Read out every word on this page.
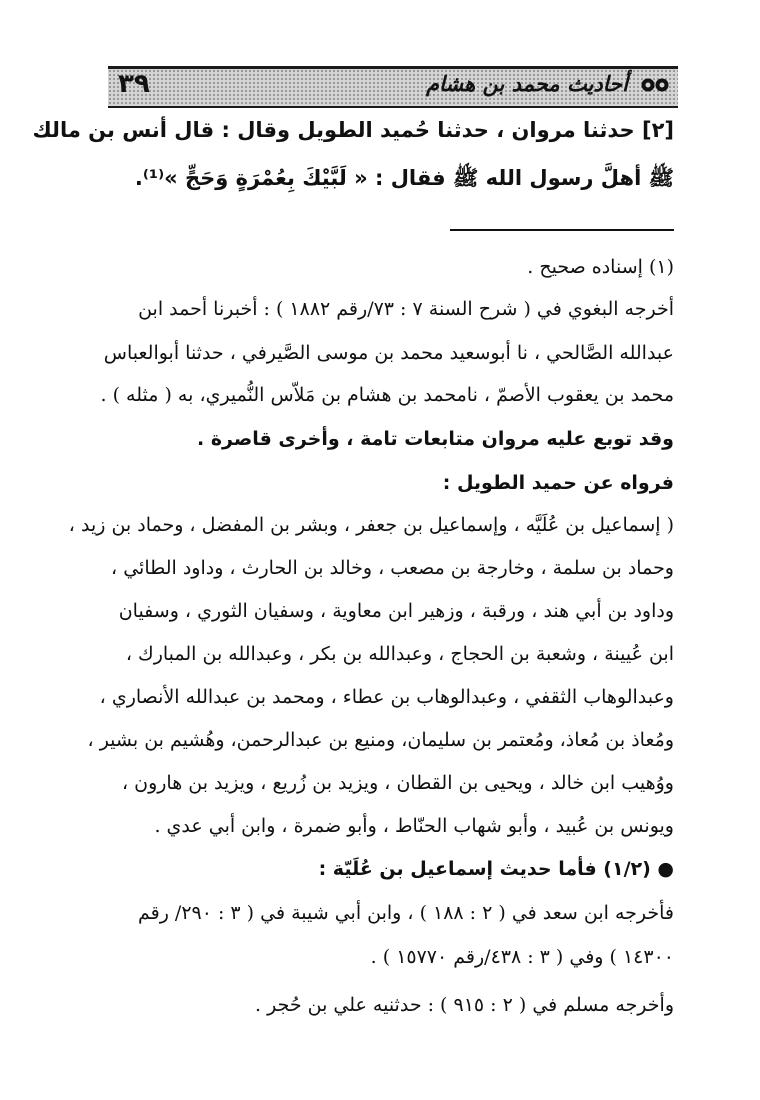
٣٩	أحاديث محمد بن هشام
[٢] حدثنا مروان ، حدثنا حُميد الطويل وقال : قال أنس بن مالك
ﷺ أهلَّ رسول الله ﷺ فقال : « لَبَّيْكَ بِعُمْرَةٍ وَحَجٍّ »⁽¹⁾.
(١) إسناده صحيح .
أخرجه البغوي في ( شرح السنة ٧ : ٧٣/رقم ١٨٨٢ ) : أخبرنا أحمد ابن
عبدالله الصَّالحي ، نا أبوسعيد محمد بن موسى الصَّيرفي ، حدثنا أبوالعباس
محمد بن يعقوب الأصمّ ، نامحمد بن هشام بن مَلاّس النُّميري، به ( مثله ) .
وقد توبع عليه مروان متابعات تامة ، وأخرى قاصرة .
فرواه عن حميد الطويل :
( إسماعيل بن عُلَيَّه ، وإسماعيل بن جعفر ، وبشر بن المفضل ، وحماد بن زيد ،
وحماد بن سلمة ، وخارجة بن مصعب ، وخالد بن الحارث ، وداود الطائي ،
وداود بن أبي هند ، ورقبة ، وزهير ابن معاوية ، وسفيان الثوري ، وسفيان
ابن عُيينة ، وشعبة بن الحجاج ، وعبدالله بن بكر ، وعبدالله بن المبارك ،
وعبدالوهاب الثقفي ، وعبدالوهاب بن عطاء ، ومحمد بن عبدالله الأنصاري ،
ومُعاذ بن مُعاذ، ومُعتمر بن سليمان، ومنيع بن عبدالرحمن، وهُشيم بن بشير ،
ووُهيب ابن خالد ، ويحيى بن القطان ، ويزيد بن زُريع ، ويزيد بن هارون ،
ويونس بن عُبيد ، وأبو شهاب الحنّاط ، وأبو ضمرة ، وابن أبي عدي .
● (١/٢) فأما حديث إسماعيل بن عُلَيّة :
فأخرجه ابن سعد في ( ٢ : ١٨٨ ) ، وابن أبي شيبة في ( ٣ : ٢٩٠/ رقم
١٤٣٠٠ ) وفي ( ٣ : ٤٣٨/رقم ١٥٧٧٠ ) .
وأخرجه مسلم في ( ٢ : ٩١٥ ) : حدثنيه علي بن حُجر .
